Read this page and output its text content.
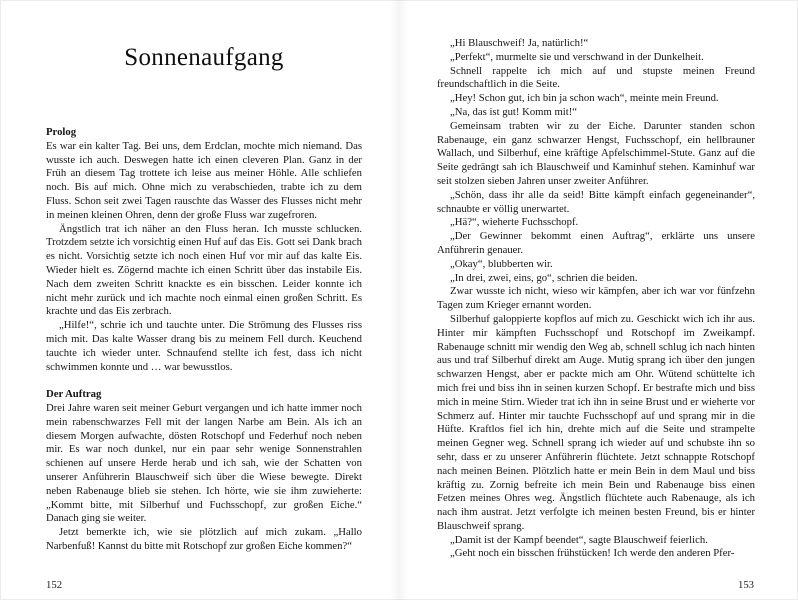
Sonnenaufgang
Prolog

Es war ein kalter Tag. Bei uns, dem Erdclan, mochte mich niemand. Das wusste ich auch. Deswegen hatte ich einen cleveren Plan. Ganz in der Früh an diesem Tag trottete ich leise aus meiner Höhle. Alle schliefen noch. Bis auf mich. Ohne mich zu verabschieden, trabte ich zu dem Fluss. Schon seit zwei Tagen rauschte das Wasser des Flusses nicht mehr in meinen kleinen Ohren, denn der große Fluss war zugefroren.

Ängstlich trat ich näher an den Fluss heran. Ich musste schlucken. Trotzdem setzte ich vorsichtig einen Huf auf das Eis. Gott sei Dank brach es nicht. Vorsichtig setzte ich noch einen Huf vor mir auf das kalte Eis. Wieder hielt es. Zögernd machte ich einen Schritt über das instabile Eis. Nach dem zweiten Schritt knackte es ein bisschen. Leider konnte ich nicht mehr zurück und ich machte noch einmal einen großen Schritt. Es krachte und das Eis zerbrach.

„Hilfe!“, schrie ich und tauchte unter. Die Strömung des Flusses riss mich mit. Das kalte Wasser drang bis zu meinem Fell durch. Keuchend tauchte ich wieder unter. Schnaufend stellte ich fest, dass ich nicht schwimmen konnte und … war bewusstlos.

Der Auftrag

Drei Jahre waren seit meiner Geburt vergangen und ich hatte immer noch mein rabenschwarzes Fell mit der langen Narbe am Bein. Als ich an diesem Morgen aufwachte, dösten Rotschopf und Federhuf noch neben mir. Es war noch dunkel, nur ein paar sehr wenige Sonnenstrahlen schienen auf unsere Herde herab und ich sah, wie der Schatten von unserer Anführerin Blauschweif sich über die Wiese bewegte. Direkt neben Rabenauge blieb sie stehen. Ich hörte, wie sie ihm zuwieherte: „Kommt bitte, mit Silberhuf und Fuchsschopf, zur großen Eiche.“ Danach ging sie weiter.

Jetzt bemerkte ich, wie sie plötzlich auf mich zukam. „Hallo Narbenfuß! Kannst du bitte mit Rotschopf zur großen Eiche kommen?“

152

„Hi Blauschweif! Ja, natürlich!“

„Perfekt“, murmelte sie und verschwand in der Dunkelheit.

Schnell rappelte ich mich auf und stupste meinen Freund freundschaftlich in die Seite.

„Hey! Schon gut, ich bin ja schon wach“, meinte mein Freund.

„Na, das ist gut! Komm mit!“

Gemeinsam trabten wir zu der Eiche. Darunter standen schon Rabenauge, ein ganz schwarzer Hengst, Fuchsschopf, ein hellbrauner Wallach, und Silberhuf, eine kräftige Apfelschimmel-Stute. Ganz auf die Seite gedrängt sah ich Blauschweif und Kaminhuf stehen. Kaminhuf war seit stolzen sieben Jahren unser zweiter Anführer.

„Schön, dass ihr alle da seid! Bitte kämpft einfach gegeneinander“, schnaubte er völlig unerwartet.

„Hä?“, wieherte Fuchsschopf.

„Der Gewinner bekommt einen Auftrag“, erklärte uns unsere Anführerin genauer.

„Okay“, blubberten wir.

„In drei, zwei, eins, go“, schrien die beiden.

Zwar wusste ich nicht, wieso wir kämpfen, aber ich war vor fünfzehn Tagen zum Krieger ernannt worden.

Silberhuf galoppierte kopflos auf mich zu. Geschickt wich ich ihr aus. Hinter mir kämpften Fuchsschopf und Rotschopf im Zweikampf. Rabenauge schnitt mir wendig den Weg ab, schnell schlug ich nach hinten aus und traf Silberhuf direkt am Auge. Mutig sprang ich über den jungen schwarzen Hengst, aber er packte mich am Ohr. Wütend schüttelte ich mich frei und biss ihn in seinen kurzen Schopf. Er bestrafte mich und biss mich in meine Stirn. Wieder trat ich ihn in seine Brust und er wieherte vor Schmerz auf. Hinter mir tauchte Fuchsschopf auf und sprang mir in die Hüfte. Kraftlos fiel ich hin, drehte mich auf die Seite und strampelte meinen Gegner weg. Schnell sprang ich wieder auf und schubste ihn so sehr, dass er zu unserer Anführerin flüchtete. Jetzt schnappte Rotschopf nach meinen Beinen. Plötzlich hatte er mein Bein in dem Maul und biss kräftig zu. Zornig befreite ich mein Bein und Rabenauge biss einen Fetzen meines Ohres weg. Ängstlich flüchtete auch Rabenauge, als ich nach ihm austrat. Jetzt verfolgte ich meinen besten Freund, bis er hinter Blauschweif sprang.

„Damit ist der Kampf beendet“, sagte Blauschweif feierlich.

„Geht noch ein bisschen frühstücken! Ich werde den anderen Pfer-

153
